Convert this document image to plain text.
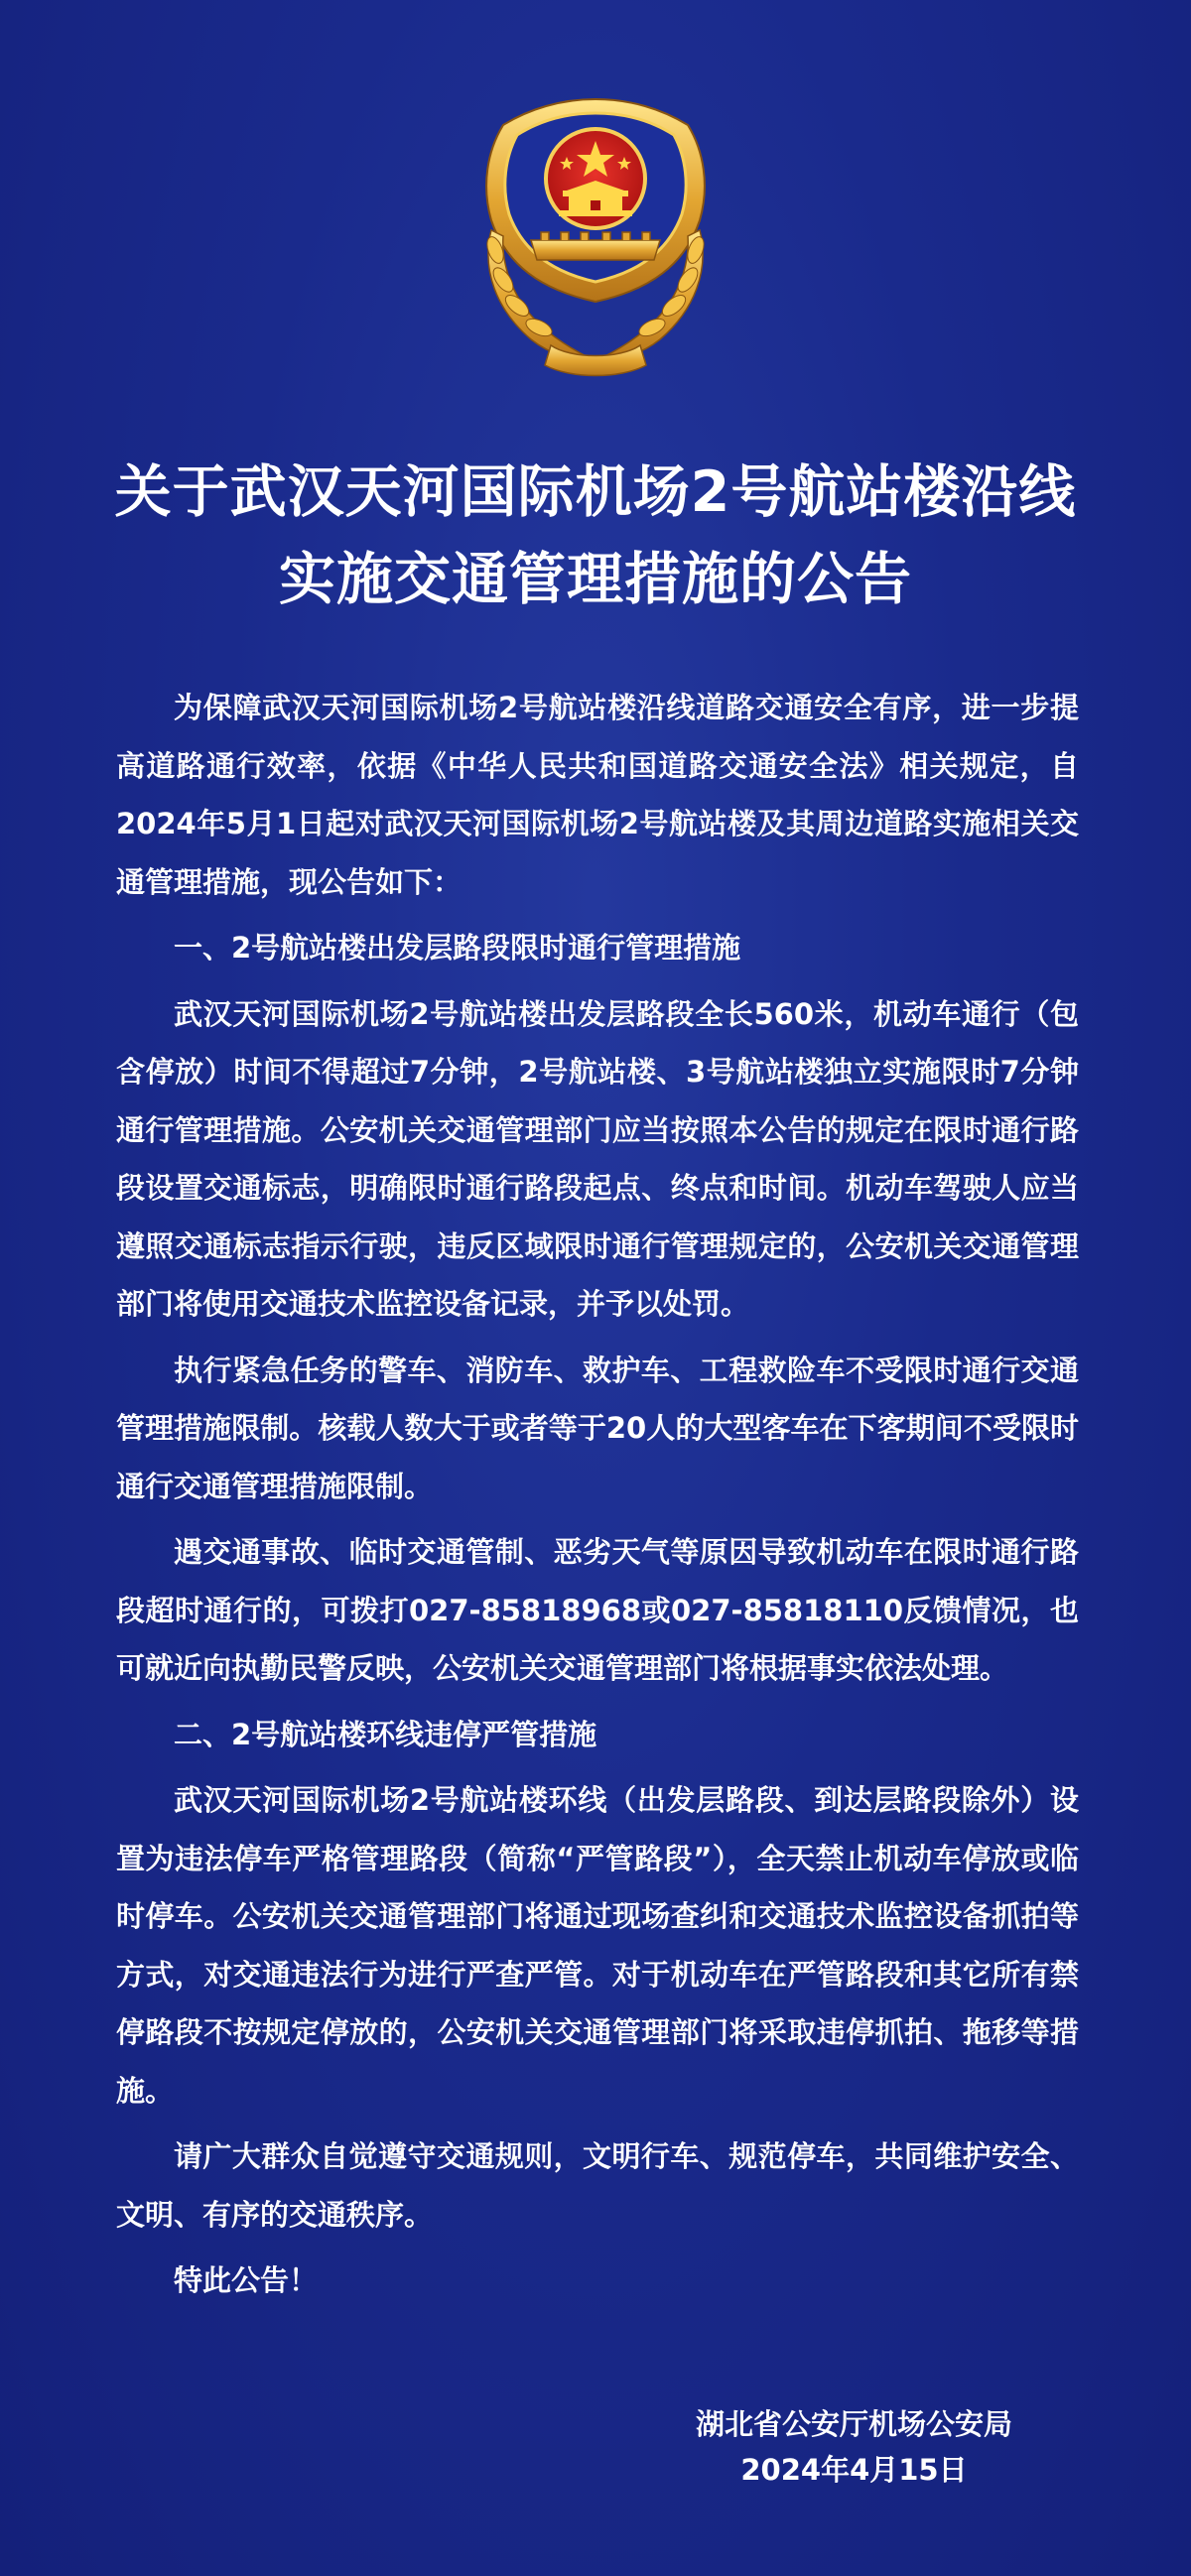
关于武汉天河国际机场2号航站楼沿线
实施交通管理措施的公告

为保障武汉天河国际机场2号航站楼沿线道路交通安全有序，进一步提高道路通行效率，依据《中华人民共和国道路交通安全法》相关规定，自2024年5月1日起对武汉天河国际机场2号航站楼及其周边道路实施相关交通管理措施，现公告如下：

一、2号航站楼出发层路段限时通行管理措施

武汉天河国际机场2号航站楼出发层路段全长560米，机动车通行（包含停放）时间不得超过7分钟，2号航站楼、3号航站楼独立实施限时7分钟通行管理措施。公安机关交通管理部门应当按照本公告的规定在限时通行路段设置交通标志，明确限时通行路段起点、终点和时间。机动车驾驶人应当遵照交通标志指示行驶，违反区域限时通行管理规定的，公安机关交通管理部门将使用交通技术监控设备记录，并予以处罚。

执行紧急任务的警车、消防车、救护车、工程救险车不受限时通行交通管理措施限制。核载人数大于或者等于20人的大型客车在下客期间不受限时通行交通管理措施限制。

遇交通事故、临时交通管制、恶劣天气等原因导致机动车在限时通行路段超时通行的，可拨打027-85818968或027-85818110反馈情况，也可就近向执勤民警反映，公安机关交通管理部门将根据事实依法处理。

二、2号航站楼环线违停严管措施

武汉天河国际机场2号航站楼环线（出发层路段、到达层路段除外）设置为违法停车严格管理路段（简称“严管路段”），全天禁止机动车停放或临时停车。公安机关交通管理部门将通过现场查纠和交通技术监控设备抓拍等方式，对交通违法行为进行严查严管。对于机动车在严管路段和其它所有禁停路段不按规定停放的，公安机关交通管理部门将采取违停抓拍、拖移等措施。

请广大群众自觉遵守交通规则，文明行车、规范停车，共同维护安全、文明、有序的交通秩序。

特此公告！

湖北省公安厅机场公安局
2024年4月15日
